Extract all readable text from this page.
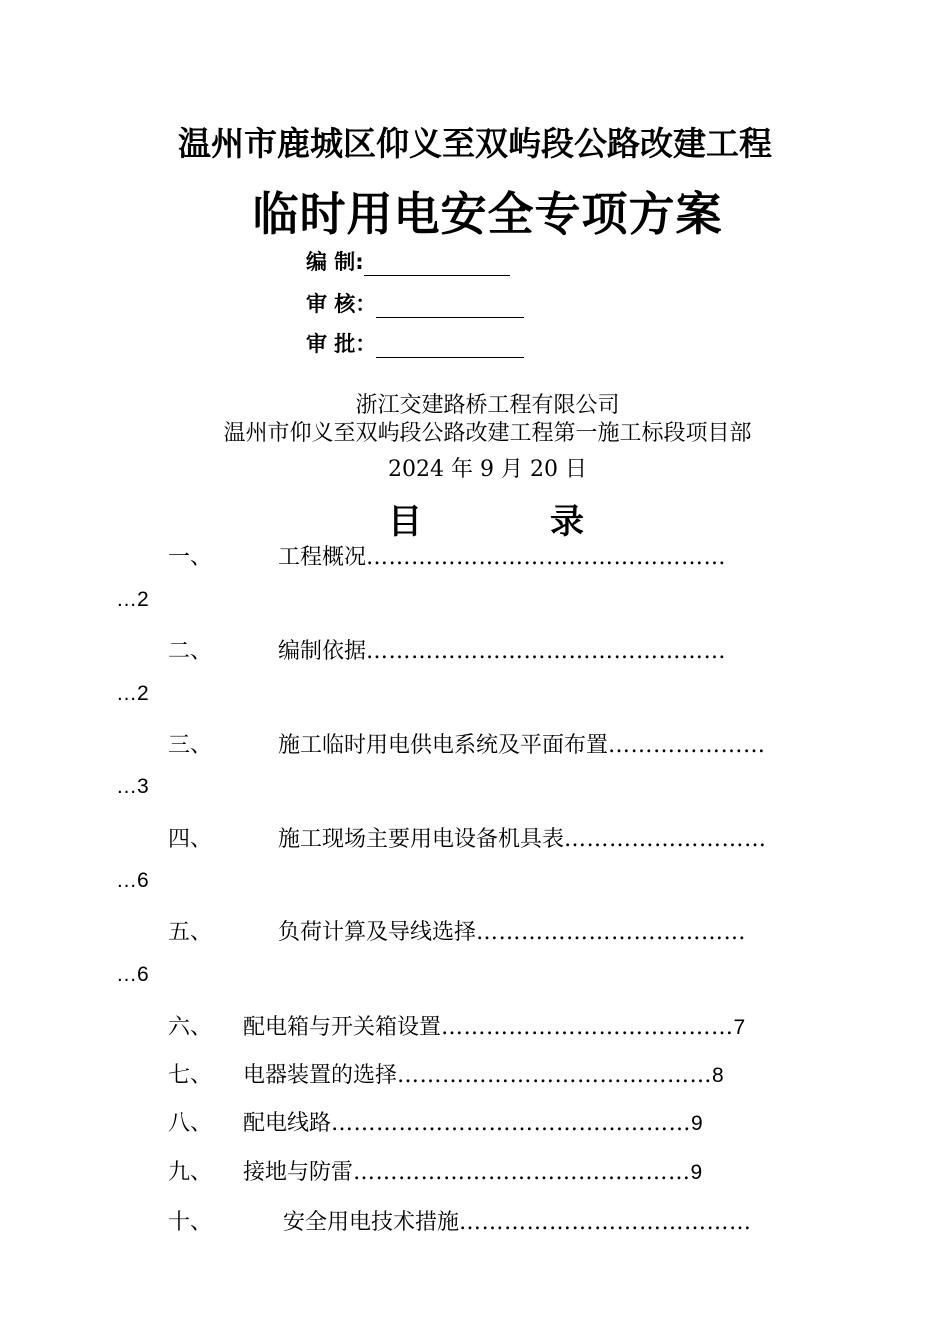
温州市鹿城区仰义至双屿段公路改建工程
临时用电安全专项方案
编 制:
审 核：
审 批：
浙江交建路桥工程有限公司
温州市仰义至双屿段公路改建工程第一施工标段项目部
2024 年 9 月 20 日
目	录
一、	工程概况…………………………………………
…2
二、	编制依据…………………………………………
…2
三、	施工临时用电供电系统及平面布置…………………
…3
四、	施工现场主要用电设备机具表………………………
…6
五、	负荷计算及导线选择………………………………
…6
六、 配电箱与开关箱设置…………………………………7
七、 电器装置的选择……………………………………8
八、 配电线路…………………………………………9
九、 接地与防雷………………………………………9
十、	安全用电技术措施…………………………………
